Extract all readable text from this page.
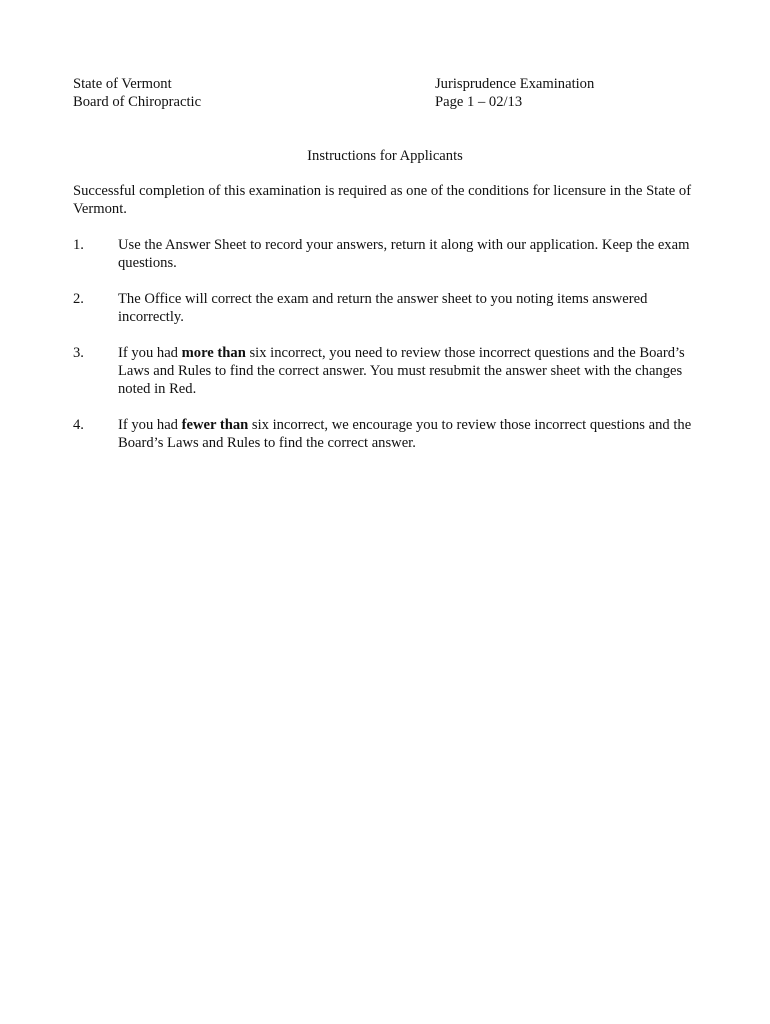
State of Vermont
Board of Chiropractic
Jurisprudence Examination
Page 1 – 02/13
Instructions for Applicants
Successful completion of this examination is required as one of the conditions for licensure in the State of Vermont.
1. Use the Answer Sheet to record your answers, return it along with our application. Keep the exam questions.
2. The Office will correct the exam and return the answer sheet to you noting items answered incorrectly.
3. If you had more than six incorrect, you need to review those incorrect questions and the Board’s Laws and Rules to find the correct answer. You must resubmit the answer sheet with the changes noted in Red.
4. If you had fewer than six incorrect, we encourage you to review those incorrect questions and the Board’s Laws and Rules to find the correct answer.
